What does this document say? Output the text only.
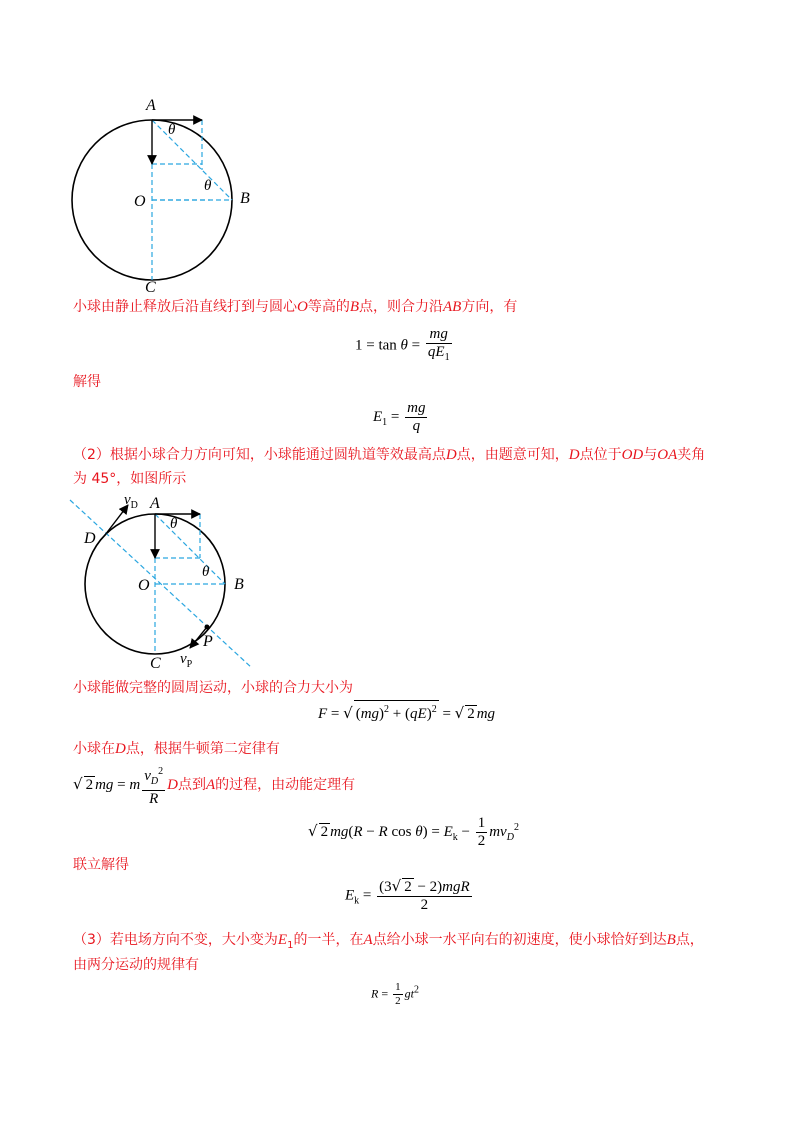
A
θ
θ
O	B
C
小球由静止释放后沿直线打到与圆心O等高的B点，则合力沿AB方向，有
$1 = \tan \theta = \frac{mg}{qE_1}$
解得
$E_1 = \frac{mg}{q}$
（2）根据小球合力方向可知，小球能通过圆轨道等效最高点D点，由题意可知，D点位于OD与OA夹角
为 45°，如图所示
$v_D$ A
θ
D
θ
O	B
P
C $v_P$
小球能做完整的圆周运动，小球的合力大小为
F = √ (mg)$^2$ + (qE)$^2$ = √ 2 mg
小球在D点，根据牛顿第二定律有
√ 2 mg = m $\frac{v_D^2}{R}$ D点到A的过程，由动能定理有
√ 2 mg(R − R $\cos \theta) = E_k - \frac{1}{2} mv_D^2$
联立解得
$E_k = \frac{\text{(3√ 2 − 2)mgR}}{2}$
（3）若电场方向不变，大小变为$E_1$的一半，在A点给小球一水平向右的初速度，使小球恰好到达B点，
由两分运动的规律有
$R = \frac{1}{2} gt^2$
